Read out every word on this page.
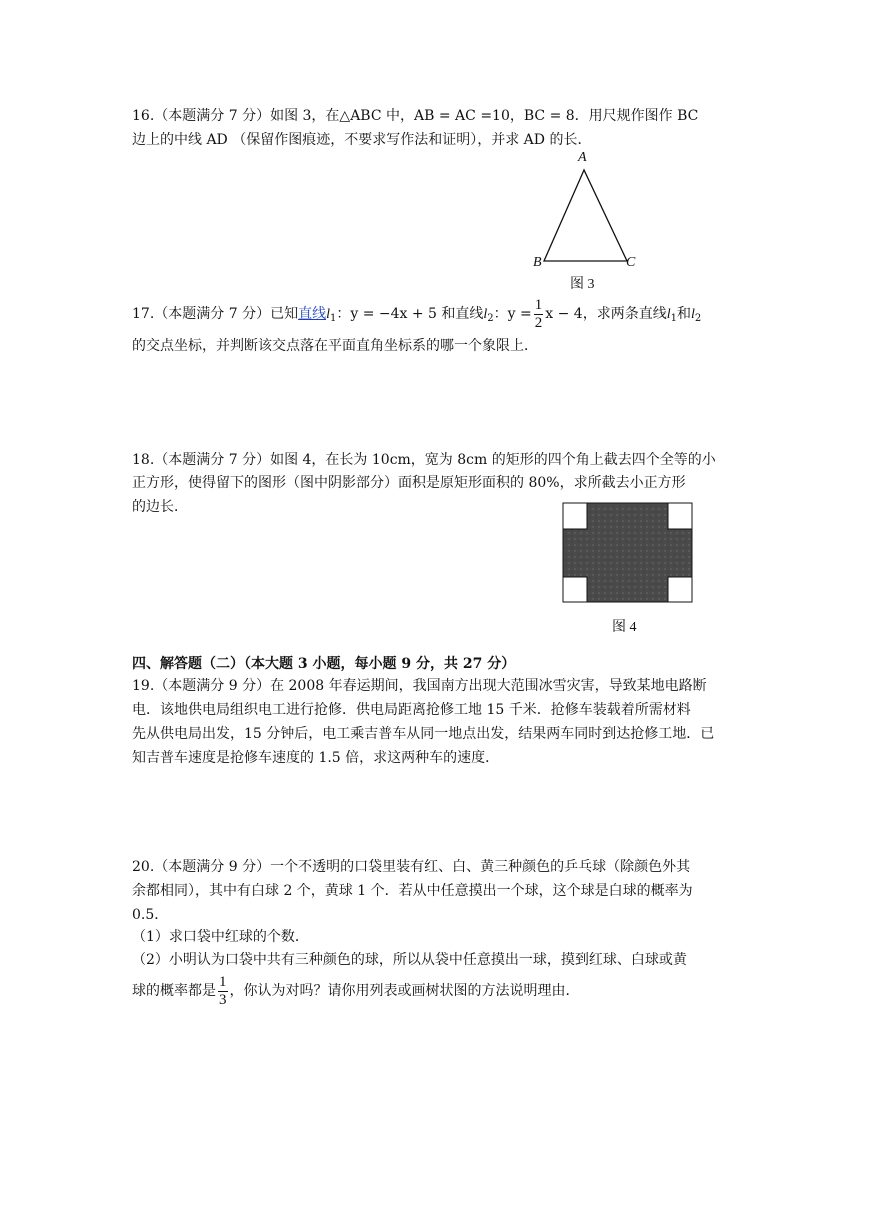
16.（本题满分 7 分）如图 3，在△ABC 中，AB = AC =10，BC = 8．用尺规作图作 BC
边上的中线 AD （保留作图痕迹，不要求写作法和证明），并求 AD 的长．
A
B	C
图 3
17.（本题满分 7 分）已知直线$l_1$：y = −4x + 5 和直线$l_2$：$y = \frac{1}{2}$ x − 4，求两条直线$l_1$和$l_2$
的交点坐标，并判断该交点落在平面直角坐标系的哪一个象限上．
18.（本题满分 7 分）如图 4，在长为 10cm，宽为 8cm 的矩形的四个角上截去四个全等的小
正方形，使得留下的图形（图中阴影部分）面积是原矩形面积的 80%，求所截去小正方形
的边长．
图 4
四、解答题（二）（本大题 3 小题，每小题 9 分，共 27 分）
19.（本题满分 9 分）在 2008 年春运期间，我国南方出现大范围冰雪灾害，导致某地电路断
电．该地供电局组织电工进行抢修．供电局距离抢修工地 15 千米．抢修车装载着所需材料
先从供电局出发，15 分钟后，电工乘吉普车从同一地点出发，结果两车同时到达抢修工地．已
知吉普车速度是抢修车速度的 1.5 倍，求这两种车的速度．
20.（本题满分 9 分）一个不透明的口袋里装有红、白、黄三种颜色的乒乓球（除颜色外其
余都相同），其中有白球 2 个，黄球 1 个．若从中任意摸出一个球，这个球是白球的概率为
0.5．
（1）求口袋中红球的个数．
（2）小明认为口袋中共有三种颜色的球，所以从袋中任意摸出一球，摸到红球、白球或黄
球的概率都是 $\frac{1}{3}$ ，你认为对吗？请你用列表或画树状图的方法说明理由．
